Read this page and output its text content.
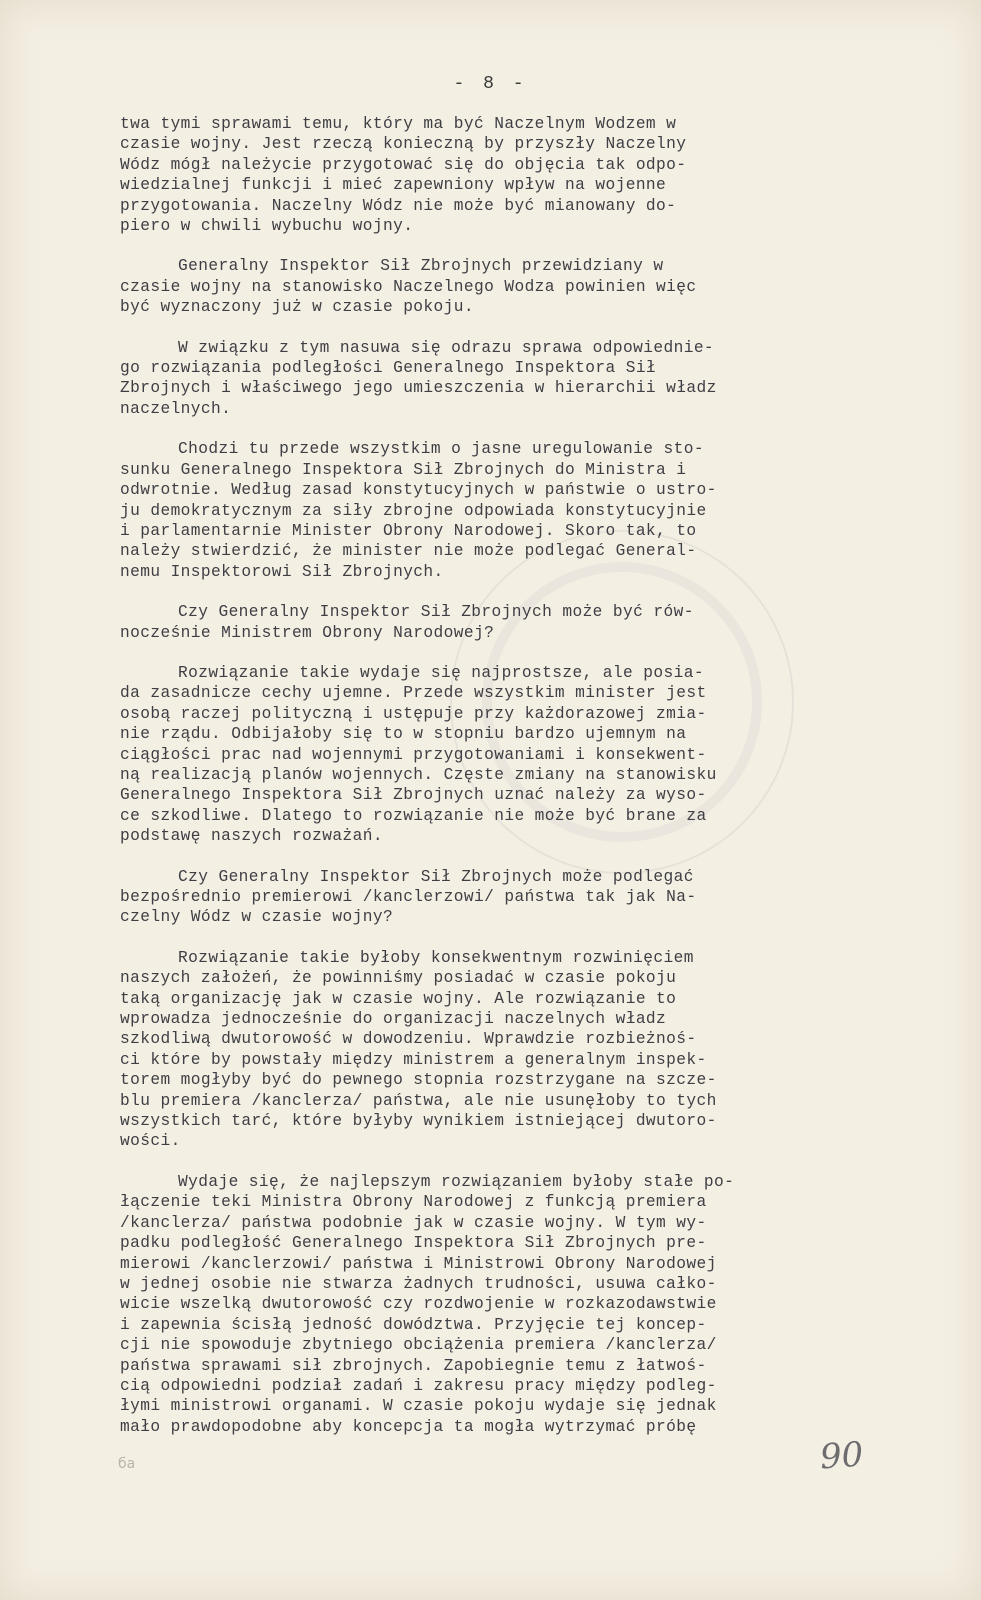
- 8 -
twa tymi sprawami temu, który ma być Naczelnym Wodzem w
czasie wojny. Jest rzeczą konieczną by przyszły Naczelny
Wódz mógł należycie przygotować się do objęcia tak odpo-
wiedzialnej funkcji i mieć zapewniony wpływ na wojenne
przygotowania. Naczelny Wódz nie może być mianowany do-
piero w chwili wybuchu wojny.
Generalny Inspektor Sił Zbrojnych przewidziany w
czasie wojny na stanowisko Naczelnego Wodza powinien więc
być wyznaczony już w czasie pokoju.
W związku z tym nasuwa się odrazu sprawa odpowiednie-
go rozwiązania podległości Generalnego Inspektora Sił
Zbrojnych i właściwego jego umieszczenia w hierarchii władz
naczelnych.
Chodzi tu przede wszystkim o jasne uregulowanie sto-
sunku Generalnego Inspektora Sił Zbrojnych do Ministra i
odwrotnie. Według zasad konstytucyjnych w państwie o ustro-
ju demokratycznym za siły zbrojne odpowiada konstytucyjnie
i parlamentarnie Minister Obrony Narodowej. Skoro tak, to
należy stwierdzić, że minister nie może podlegać General-
nemu Inspektorowi Sił Zbrojnych.
Czy Generalny Inspektor Sił Zbrojnych może być rów-
nocześnie Ministrem Obrony Narodowej?
Rozwiązanie takie wydaje się najprostsze, ale posia-
da zasadnicze cechy ujemne. Przede wszystkim minister jest
osobą raczej polityczną i ustępuje przy każdorazowej zmia-
nie rządu. Odbijałoby się to w stopniu bardzo ujemnym na
ciągłości prac nad wojennymi przygotowaniami i konsekwent-
ną realizacją planów wojennych. Częste zmiany na stanowisku
Generalnego Inspektora Sił Zbrojnych uznać należy za wyso-
ce szkodliwe. Dlatego to rozwiązanie nie może być brane za
podstawę naszych rozważań.
Czy Generalny Inspektor Sił Zbrojnych może podlegać
bezpośrednio premierowi /kanclerzowi/ państwa tak jak Na-
czelny Wódz w czasie wojny?
Rozwiązanie takie byłoby konsekwentnym rozwinięciem
naszych założeń, że powinniśmy posiadać w czasie pokoju
taką organizację jak w czasie wojny. Ale rozwiązanie to
wprowadza jednocześnie do organizacji naczelnych władz
szkodliwą dwutorowość w dowodzeniu. Wprawdzie rozbieżnoś-
ci które by powstały między ministrem a generalnym inspek-
torem mogłyby być do pewnego stopnia rozstrzygane na szcze-
blu premiera /kanclerza/ państwa, ale nie usunęłoby to tych
wszystkich tarć, które byłyby wynikiem istniejącej dwutoro-
wości.
Wydaje się, że najlepszym rozwiązaniem byłoby stałe po-
łączenie teki Ministra Obrony Narodowej z funkcją premiera
/kanclerza/ państwa podobnie jak w czasie wojny. W tym wy-
padku podległość Generalnego Inspektora Sił Zbrojnych pre-
mierowi /kanclerzowi/ państwa i Ministrowi Obrony Narodowej
w jednej osobie nie stwarza żadnych trudności, usuwa całko-
wicie wszelką dwutorowość czy rozdwojenie w rozkazodawstwie
i zapewnia ścisłą jedność dowództwa. Przyjęcie tej koncep-
cji nie spowoduje zbytniego obciążenia premiera /kanclerza/
państwa sprawami sił zbrojnych. Zapobiegnie temu z łatwoś-
cią odpowiedni podział zadań i zakresu pracy między podleg-
łymi ministrowi organami. W czasie pokoju wydaje się jednak
mało prawdopodobne aby koncepcja ta mogła wytrzymać próbę
ба	90
